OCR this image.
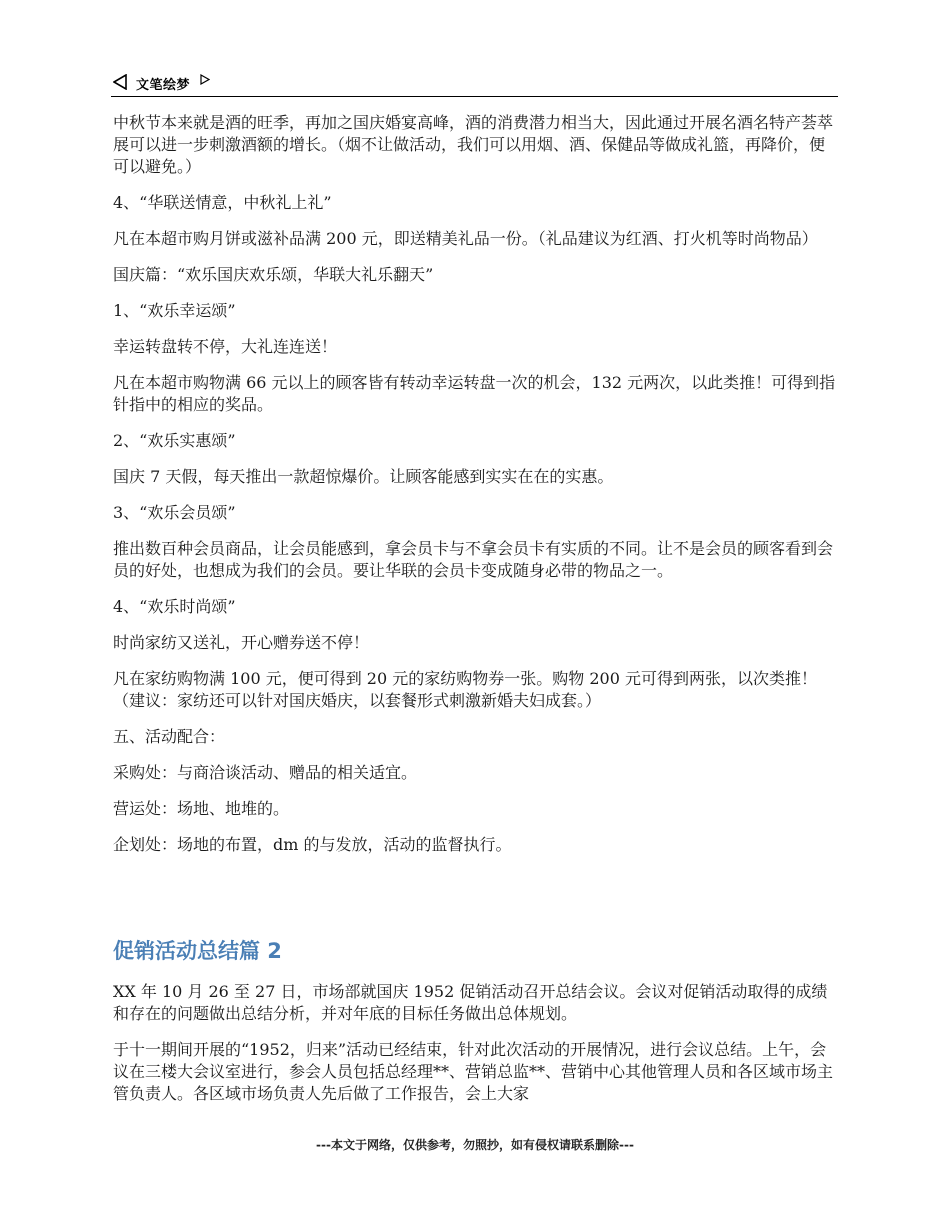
文笔绘梦

中秋节本来就是酒的旺季，再加之国庆婚宴高峰，酒的消费潜力相当大，因此通过开展名酒名特产荟萃展可以进一步刺激酒额的增长。（烟不让做活动，我们可以用烟、酒、保健品等做成礼篮，再降价，便可以避免。）

4、“华联送情意，中秋礼上礼”

凡在本超市购月饼或滋补品满 200 元，即送精美礼品一份。（礼品建议为红酒、打火机等时尚物品）

国庆篇：“欢乐国庆欢乐颂，华联大礼乐翻天”

1、“欢乐幸运颂”

幸运转盘转不停，大礼连连送！

凡在本超市购物满 66 元以上的顾客皆有转动幸运转盘一次的机会，132 元两次，以此类推！可得到指针指中的相应的奖品。

2、“欢乐实惠颂”

国庆 7 天假，每天推出一款超惊爆价。让顾客能感到实实在在的实惠。

3、“欢乐会员颂”

推出数百种会员商品，让会员能感到，拿会员卡与不拿会员卡有实质的不同。让不是会员的顾客看到会员的好处，也想成为我们的会员。要让华联的会员卡变成随身必带的物品之一。

4、“欢乐时尚颂”

时尚家纺又送礼，开心赠券送不停！

凡在家纺购物满 100 元，便可得到 20 元的家纺购物券一张。购物 200 元可得到两张，以次类推！（建议：家纺还可以针对国庆婚庆，以套餐形式刺激新婚夫妇成套。）

五、活动配合：

采购处：与商洽谈活动、赠品的相关适宜。

营运处：场地、地堆的。

企划处：场地的布置，dm 的与发放，活动的监督执行。

促销活动总结篇 2

XX 年 10 月 26 至 27 日，市场部就国庆 1952 促销活动召开总结会议。会议对促销活动取得的成绩和存在的问题做出总结分析，并对年底的目标任务做出总体规划。

于十一期间开展的“1952，归来”活动已经结束，针对此次活动的开展情况，进行会议总结。上午，会议在三楼大会议室进行，参会人员包括总经理**、营销总监**、营销中心其他管理人员和各区域市场主管负责人。各区域市场负责人先后做了工作报告，会上大家

---本文于网络，仅供参考，勿照抄，如有侵权请联系删除---
